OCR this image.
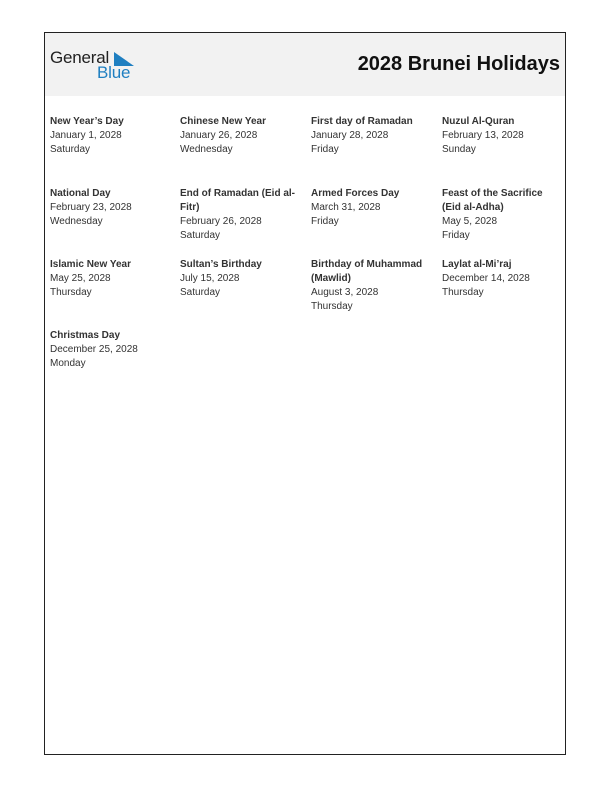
General
Blue	2028 Brunei Holidays
New Year’s Day
January 1, 2028
Saturday
Chinese New Year
January 26, 2028
Wednesday
First day of Ramadan
January 28, 2028
Friday
Nuzul Al-Quran
February 13, 2028
Sunday
National Day
February 23, 2028
Wednesday
End of Ramadan (Eid al-Fitr)
February 26, 2028
Saturday
Armed Forces Day
March 31, 2028
Friday
Feast of the Sacrifice (Eid al-Adha)
May 5, 2028
Friday
Islamic New Year
May 25, 2028
Thursday
Sultan’s Birthday
July 15, 2028
Saturday
Birthday of Muhammad (Mawlid)
August 3, 2028
Thursday
Laylat al-Mi’raj
December 14, 2028
Thursday
Christmas Day
December 25, 2028
Monday
